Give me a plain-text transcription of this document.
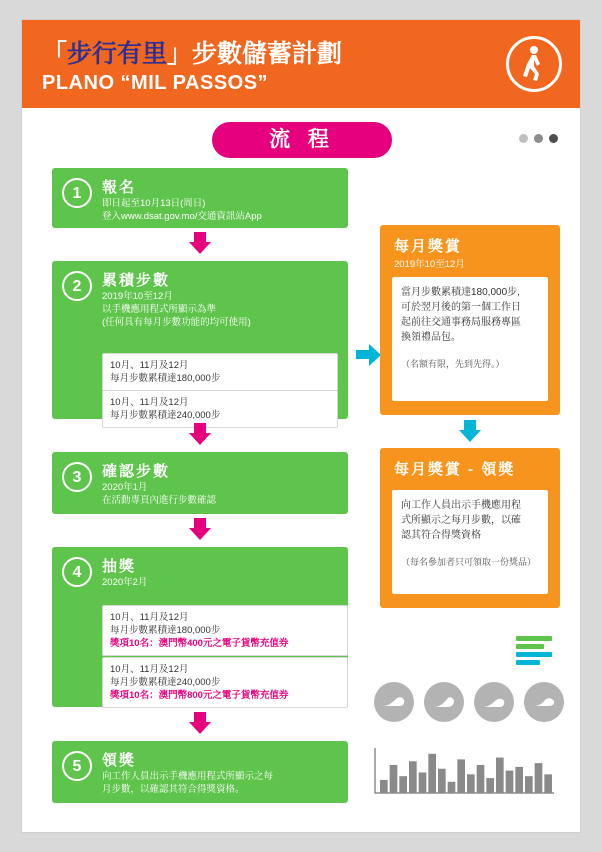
「步行有里」步數儲蓄計劃
PLANO “MIL PASSOS”
流 程
1	報名
即日起至10月13日(周日)
登入www.dsat.gov.mo/交通資訊站App
2	累積步數
2019年10至12月
以手機應用程式所顯示為準
(任何具有每月步數功能的均可使用)
10月、11月及12月
每月步數累積達180,000步
10月、11月及12月
每月步數累積達240,000步
3	確認步數
2020年1月
在活動專頁內進行步數確認
4	抽獎
2020年2月
10月、11月及12月
每月步數累積達180,000步
獎項10名：澳門幣400元之電子貨幣充值券
10月、11月及12月
每月步數累積達240,000步
獎項10名：澳門幣800元之電子貨幣充值券
5	領獎
向工作人員出示手機應用程式所顯示之每
月步數，以確認其符合得獎資格。
每月獎賞
2019年10至12月
當月步數累積達180,000步,
可於翌月後的第一個工作日
起前往交通事務局服務專區
換領禮品包。
（名額有限，先到先得。）
每月獎賞 - 領獎
向工作人員出示手機應用程
式所顯示之每月步數，以確
認其符合得獎資格
（每名參加者只可領取一份獎品）
